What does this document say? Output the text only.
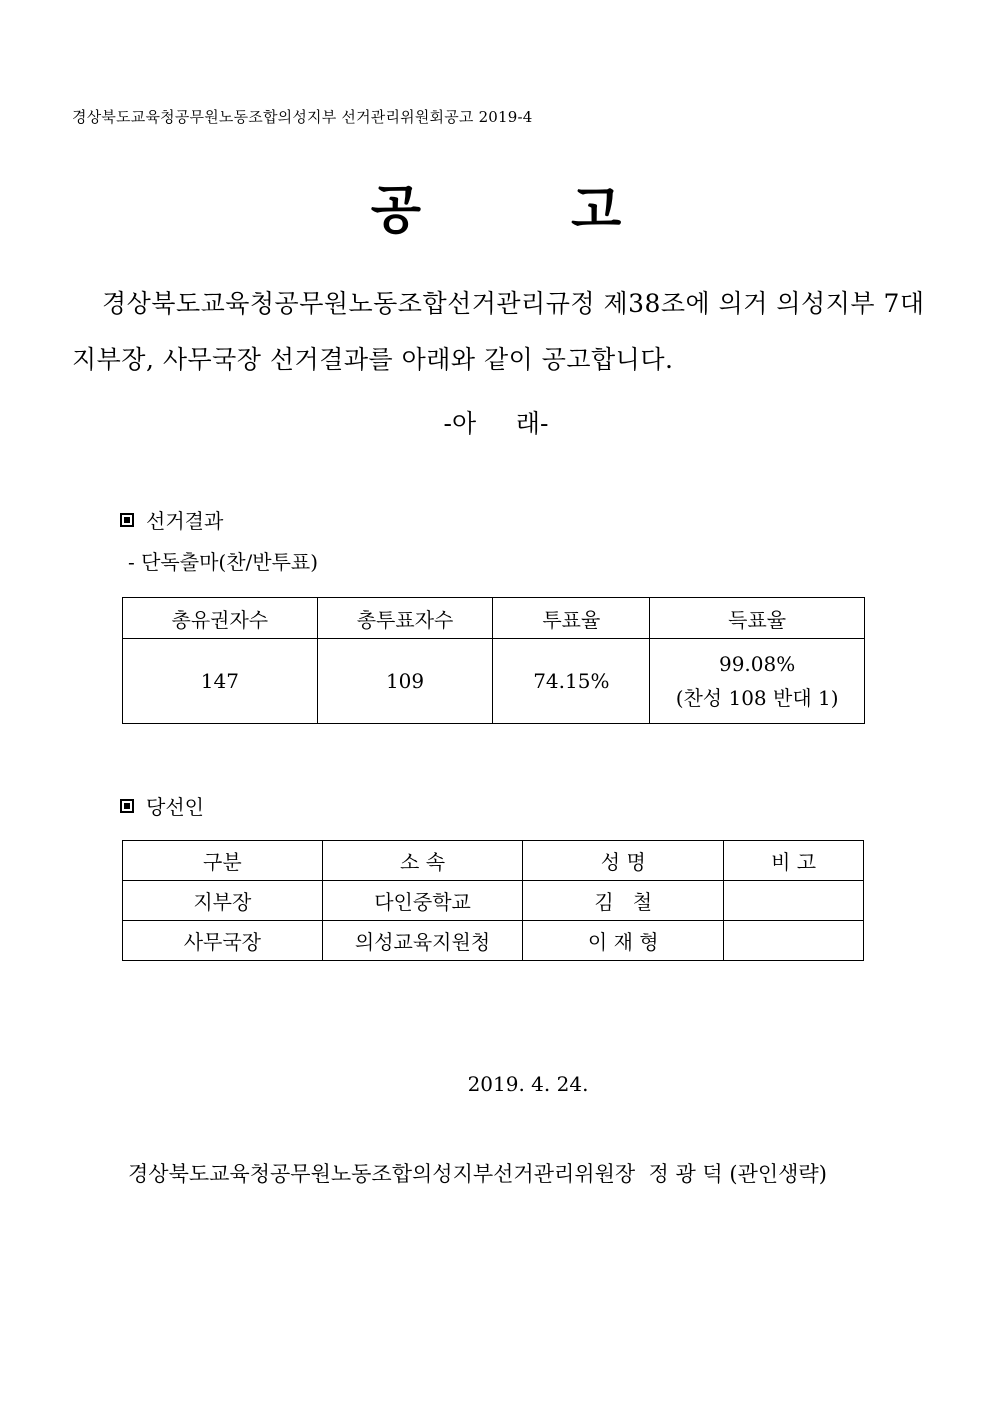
경상북도교육청공무원노동조합의성지부 선거관리위원회공고 2019-4
공	고
경상북도교육청공무원노동조합선거관리규정 제38조에 의거 의성지부 7대 지부장, 사무국장 선거결과를 아래와 같이 공고합니다.
-아     래-
선거결과
- 단독출마(찬/반투표)
총유권자수	총투표자수	투표율	득표율
147	109	74.15%	99.08%
(찬성 108 반대 1)
당선인
구분	소 속	성 명	비 고
지부장	다인중학교	김   철	
사무국장	의성교육지원청	이 재 형	
2019. 4. 24.
경상북도교육청공무원노동조합의성지부선거관리위원장  정 광 덕 (관인생략)
